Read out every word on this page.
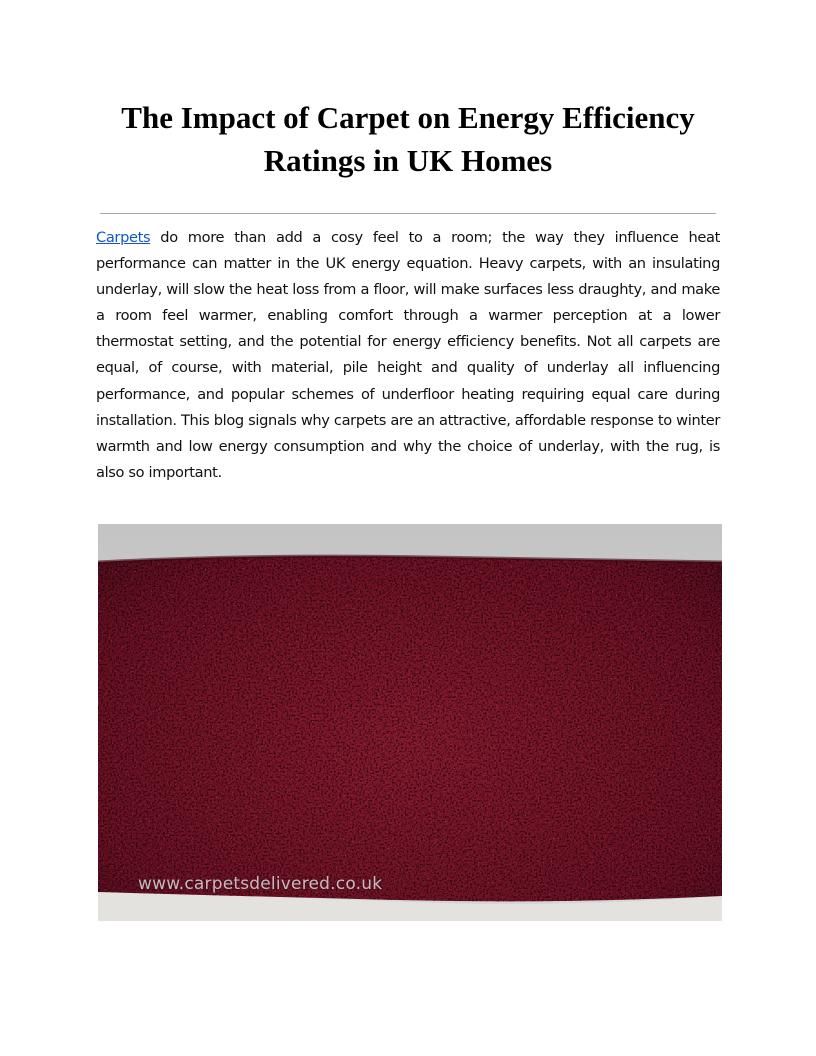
The Impact of Carpet on Energy Efficiency Ratings in UK Homes

Carpets do more than add a cosy feel to a room; the way they influence heat performance can matter in the UK energy equation. Heavy carpets, with an insulating underlay, will slow the heat loss from a floor, will make surfaces less draughty, and make a room feel warmer, enabling comfort through a warmer perception at a lower thermostat setting, and the potential for energy efficiency benefits. Not all carpets are equal, of course, with material, pile height and quality of underlay all influencing performance, and popular schemes of underfloor heating requiring equal care during installation. This blog signals why carpets are an attractive, affordable response to winter warmth and low energy consumption and why the choice of underlay, with the rug, is also so important.

www.carpetsdelivered.co.uk
